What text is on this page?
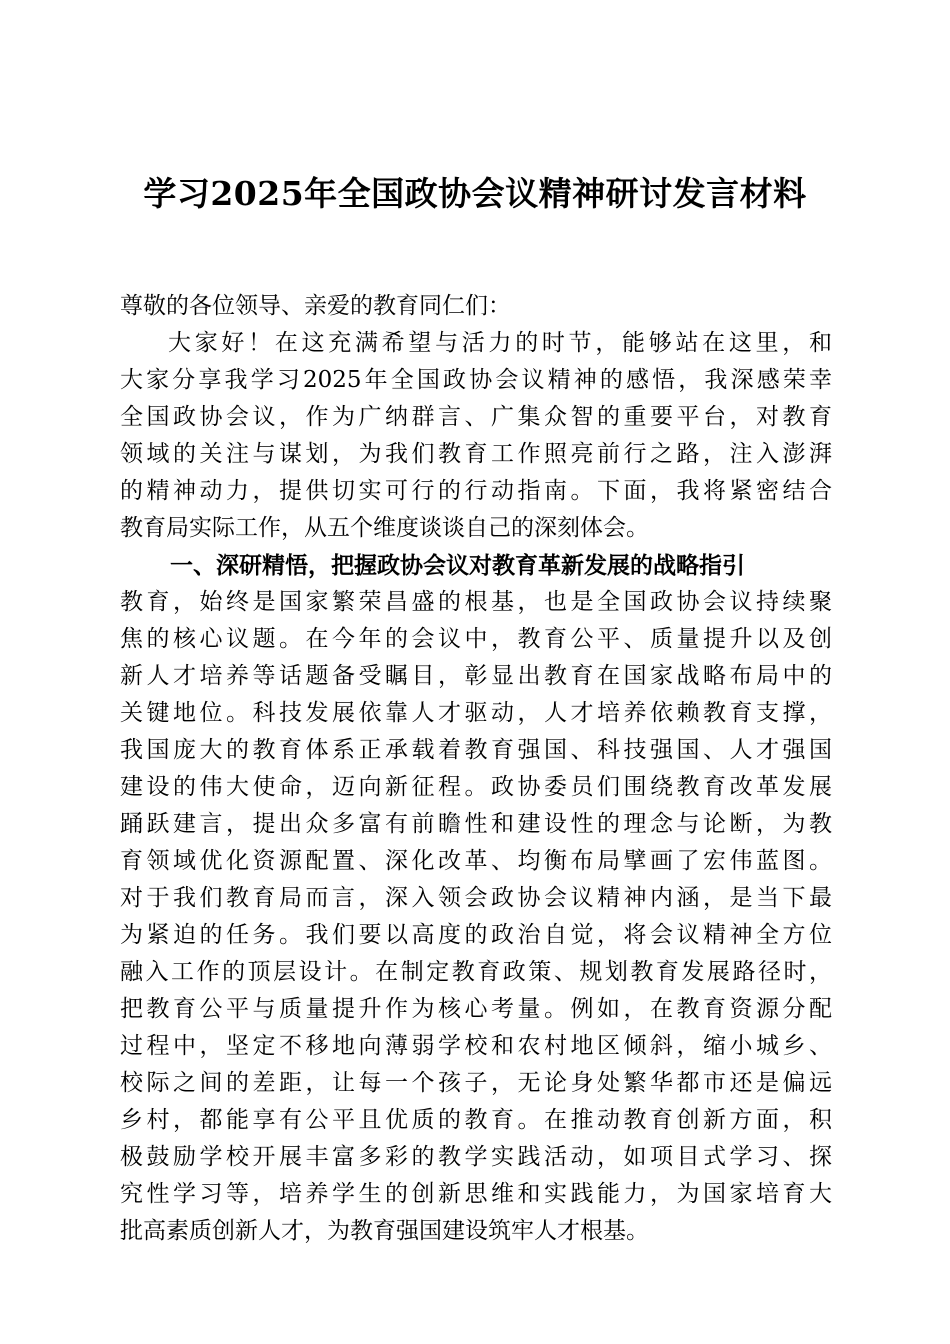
学习2025年全国政协会议精神研讨发言材料
尊敬的各位领导、亲爱的教育同仁们：
大家好！在这充满希望与活力的时节，能够站在这里，和
大家分享我学习2025年全国政协会议精神的感悟，我深感荣幸
全国政协会议，作为广纳群言、广集众智的重要平台，对教育
领域的关注与谋划，为我们教育工作照亮前行之路，注入澎湃
的精神动力，提供切实可行的行动指南。下面，我将紧密结合
教育局实际工作，从五个维度谈谈自己的深刻体会。
一、深研精悟，把握政协会议对教育革新发展的战略指引
教育，始终是国家繁荣昌盛的根基，也是全国政协会议持续聚
焦的核心议题。在今年的会议中，教育公平、质量提升以及创
新人才培养等话题备受瞩目，彰显出教育在国家战略布局中的
关键地位。科技发展依靠人才驱动，人才培养依赖教育支撑，
我国庞大的教育体系正承载着教育强国、科技强国、人才强国
建设的伟大使命，迈向新征程。政协委员们围绕教育改革发展
踊跃建言，提出众多富有前瞻性和建设性的理念与论断，为教
育领域优化资源配置、深化改革、均衡布局擘画了宏伟蓝图。
对于我们教育局而言，深入领会政协会议精神内涵，是当下最
为紧迫的任务。我们要以高度的政治自觉，将会议精神全方位
融入工作的顶层设计。在制定教育政策、规划教育发展路径时，
把教育公平与质量提升作为核心考量。例如，在教育资源分配
过程中，坚定不移地向薄弱学校和农村地区倾斜，缩小城乡、
校际之间的差距，让每一个孩子，无论身处繁华都市还是偏远
乡村，都能享有公平且优质的教育。在推动教育创新方面，积
极鼓励学校开展丰富多彩的教学实践活动，如项目式学习、探
究性学习等，培养学生的创新思维和实践能力，为国家培育大
批高素质创新人才，为教育强国建设筑牢人才根基。
